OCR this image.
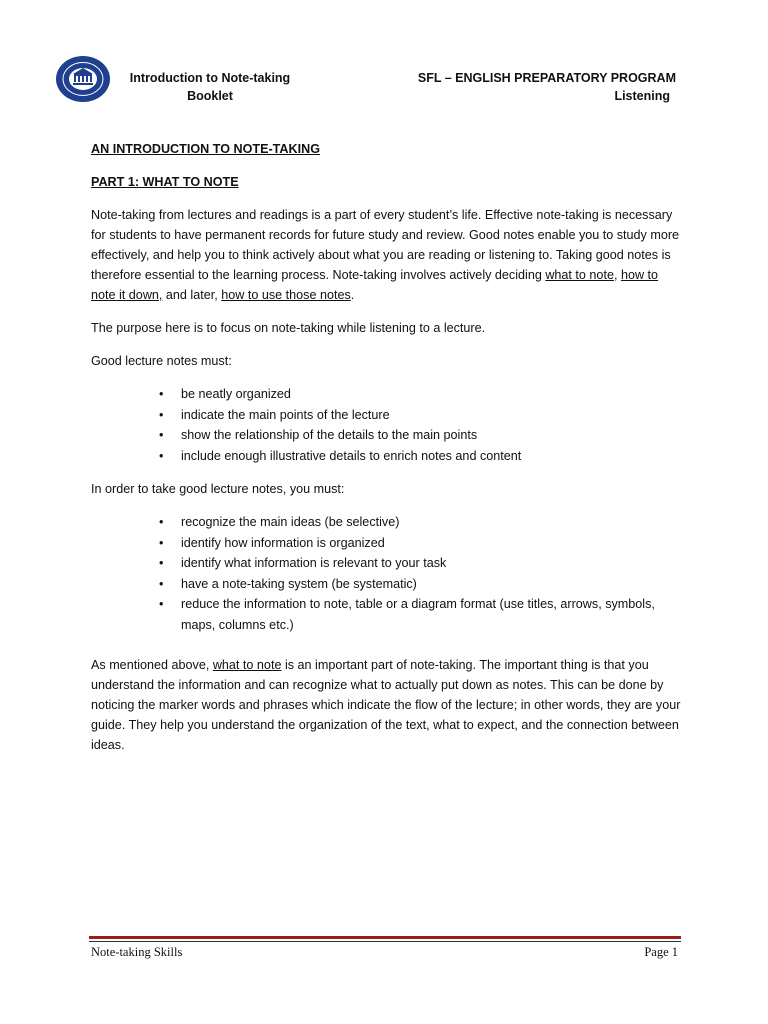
Introduction to Note-taking
Booklet
SFL – ENGLISH PREPARATORY PROGRAM
Listening

AN INTRODUCTION TO NOTE-TAKING

PART 1: WHAT TO NOTE

Note-taking from lectures and readings is a part of every student’s life. Effective note-taking is necessary for students to have permanent records for future study and review. Good notes enable you to study more effectively, and help you to think actively about what you are reading or listening to. Taking good notes is therefore essential to the learning process. Note-taking involves actively deciding what to note, how to note it down, and later, how to use those notes.

The purpose here is to focus on note-taking while listening to a lecture.

Good lecture notes must:

• be neatly organized
• indicate the main points of the lecture
• show the relationship of the details to the main points
• include enough illustrative details to enrich notes and content

In order to take good lecture notes, you must:

• recognize the main ideas (be selective)
• identify how information is organized
• identify what information is relevant to your task
• have a note-taking system (be systematic)
• reduce the information to note, table or a diagram format (use titles, arrows, symbols, maps, columns etc.)

As mentioned above, what to note is an important part of note-taking. The important thing is that you understand the information and can recognize what to actually put down as notes. This can be done by noticing the marker words and phrases which indicate the flow of the lecture; in other words, they are your guide. They help you understand the organization of the text, what to expect, and the connection between ideas.

Note-taking Skills	Page 1
